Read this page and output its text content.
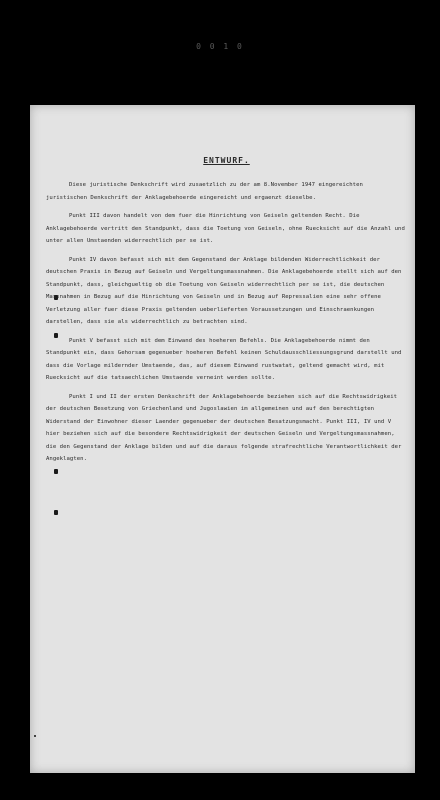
0 0 1 0
ENTWURF.

Diese juristische Denkschrift wird zusaetzlich zu der am 8.November 1947 eingereichten juristischen Denkschrift der Anklagebehoerde eingereicht und ergaenzt dieselbe.

Punkt III davon handelt von dem fuer die Hinrichtung von Geiseln geltenden Recht. Die Anklagebehoerde vertritt den Standpunkt, dass die Toetung von Geiseln, ohne Ruecksicht auf die Anzahl und unter allen Umstaenden widerrechtlich per se ist.

Punkt IV davon befasst sich mit dem Gegenstand der Anklage bildenden Widerrechtlichkeit der deutschen Praxis in Bezug auf Geiseln und Vergeltungsmassnahmen. Die Anklagebehoerde stellt sich auf den Standpunkt, dass, gleichgueltig ob die Toetung von Geiseln widerrechtlich per se ist, die deutschen Massnahmen in Bezug auf die Hinrichtung von Geiseln und in Bezug auf Repressalien eine sehr offene Verletzung aller fuer diese Praxis geltenden ueberlieferten Voraussetzungen und Einschraenkungen darstellen, dass sie als widerrechtlich zu betrachten sind.

Punkt V befasst sich mit dem Einwand des hoeheren Befehls. Die Anklagebehoerde nimmt den Standpunkt ein, dass Gehorsam gegenueber hoeheren Befehl keinen Schuldausschliessungsgrund darstellt und dass die Vorlage mildernder Umstaende, das, auf diesem Einwand rustwatat, geltend gemacht wird, mit Ruecksicht auf die tatsaechlichen Umstaende verneint werden sollte.

Punkt I und II der ersten Denkschrift der Anklagebehoerde beziehen sich auf die Rechtswidrigkeit der deutschen Besetzung von Griechenland und Jugoslawien im allgemeinen und auf den berechtigten Widerstand der Einwohner dieser Laender gegenueber der deutschen Besatzungsmacht. Punkt III, IV und V hier beziehen sich auf die besondere Rechtswidrigkeit der deutschen Geiseln und Vergeltungsmassnahmen, die den Gegenstand der Anklage bilden und auf die daraus folgende strafrechtliche Verantwortlichkeit der Angeklagten.
